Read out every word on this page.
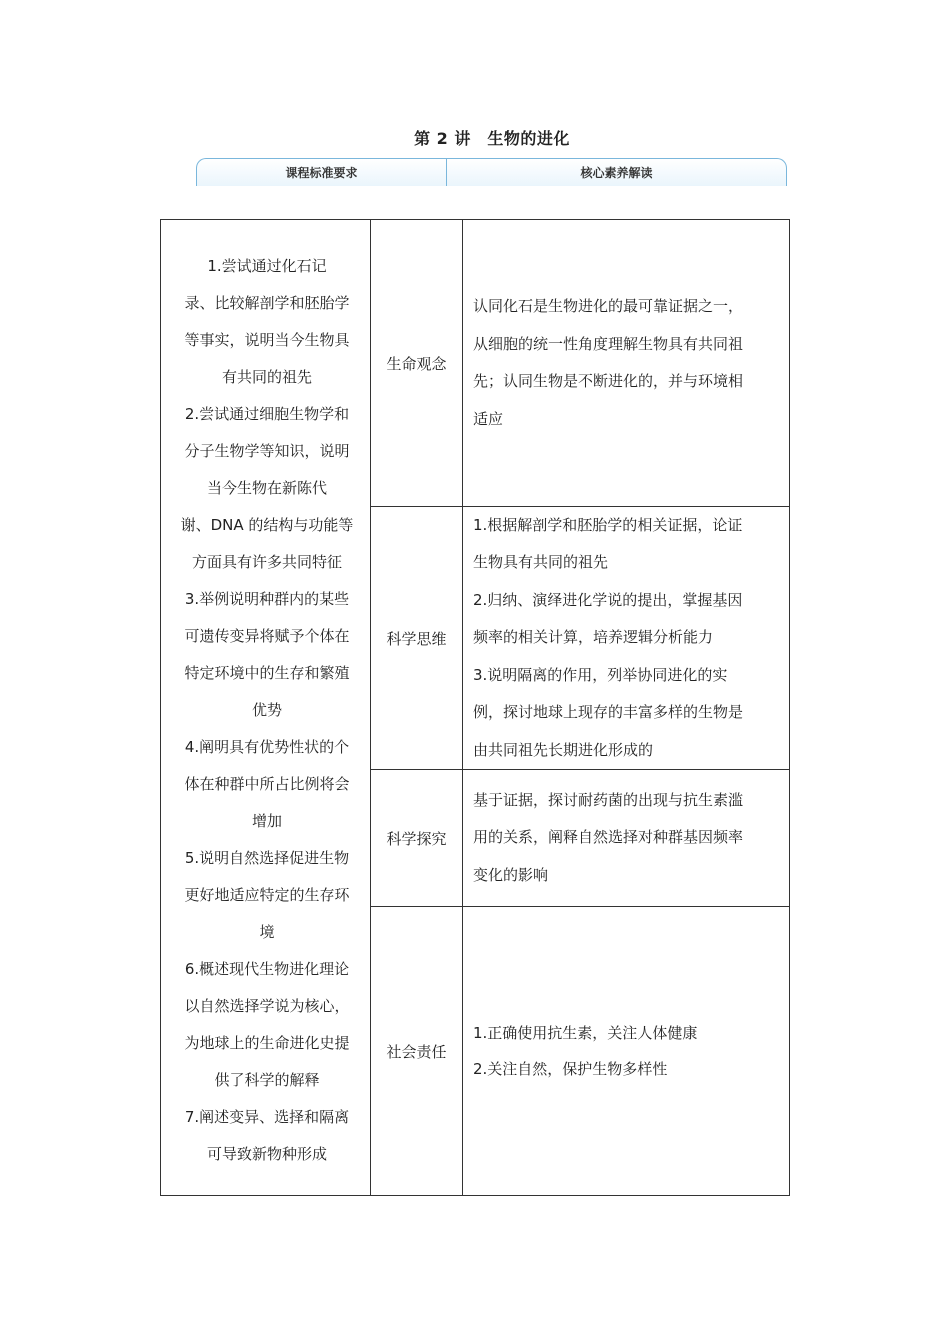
第 2 讲　生物的进化
课程标准要求	核心素养解读
1.尝试通过化石记
录、比较解剖学和胚胎学
等事实，说明当今生物具
有共同的祖先
2.尝试通过细胞生物学和
分子生物学等知识，说明
当今生物在新陈代
谢、DNA 的结构与功能等
方面具有许多共同特征
3.举例说明种群内的某些
可遗传变异将赋予个体在
特定环境中的生存和繁殖
优势
4.阐明具有优势性状的个
体在种群中所占比例将会
增加
5.说明自然选择促进生物
更好地适应特定的生存环
境
6.概述现代生物进化理论
以自然选择学说为核心，
为地球上的生命进化史提
供了科学的解释
7.阐述变异、选择和隔离
可导致新物种形成
生命观念
认同化石是生物进化的最可靠证据之一，
从细胞的统一性角度理解生物具有共同祖
先；认同生物是不断进化的，并与环境相
适应
科学思维
1.根据解剖学和胚胎学的相关证据，论证
生物具有共同的祖先
2.归纳、演绎进化学说的提出，掌握基因
频率的相关计算，培养逻辑分析能力
3.说明隔离的作用，列举协同进化的实
例，探讨地球上现存的丰富多样的生物是
由共同祖先长期进化形成的
科学探究
基于证据，探讨耐药菌的出现与抗生素滥
用的关系，阐释自然选择对种群基因频率
变化的影响
社会责任
1.正确使用抗生素，关注人体健康
2.关注自然，保护生物多样性
